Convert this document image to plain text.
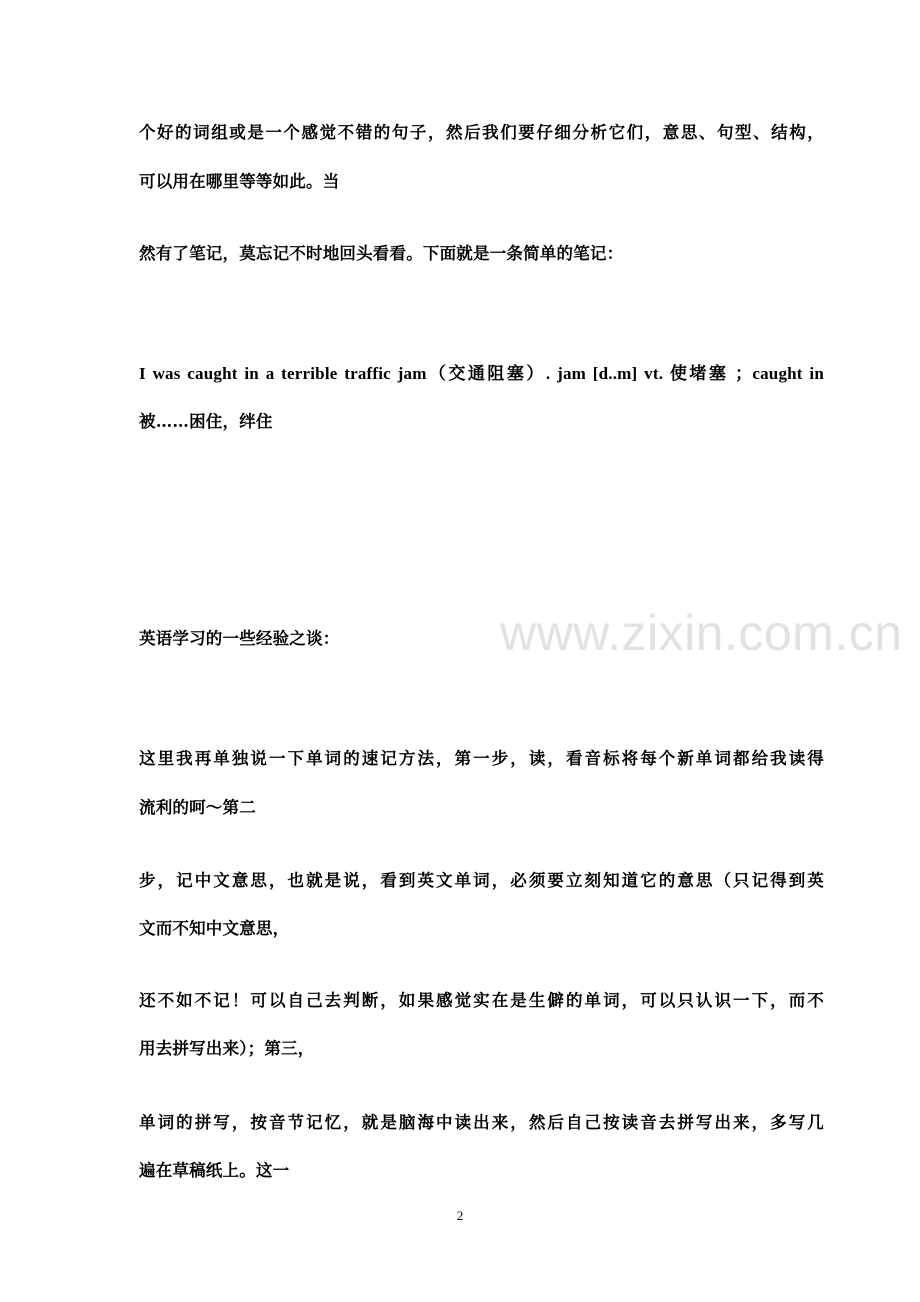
个好的词组或是一个感觉不错的句子，然后我们要仔细分析它们，意思、句型、结构，
可以用在哪里等等如此。当
然有了笔记，莫忘记不时地回头看看。下面就是一条简单的笔记：
I was caught in a terrible traffic jam（交通阻塞）. jam [d..m] vt. 使堵塞 ；caught in
被……困住，绊住
www.zixin.com.cn
英语学习的一些经验之谈：
这里我再单独说一下单词的速记方法，第一步，读，看音标将每个新单词都给我读得
流利的呵～第二
步，记中文意思，也就是说，看到英文单词，必须要立刻知道它的意思（只记得到英
文而不知中文意思，
还不如不记！可以自己去判断，如果感觉实在是生僻的单词，可以只认识一下，而不
用去拼写出来）；第三，
单词的拼写，按音节记忆，就是脑海中读出来，然后自己按读音去拼写出来，多写几
遍在草稿纸上。这一
2
